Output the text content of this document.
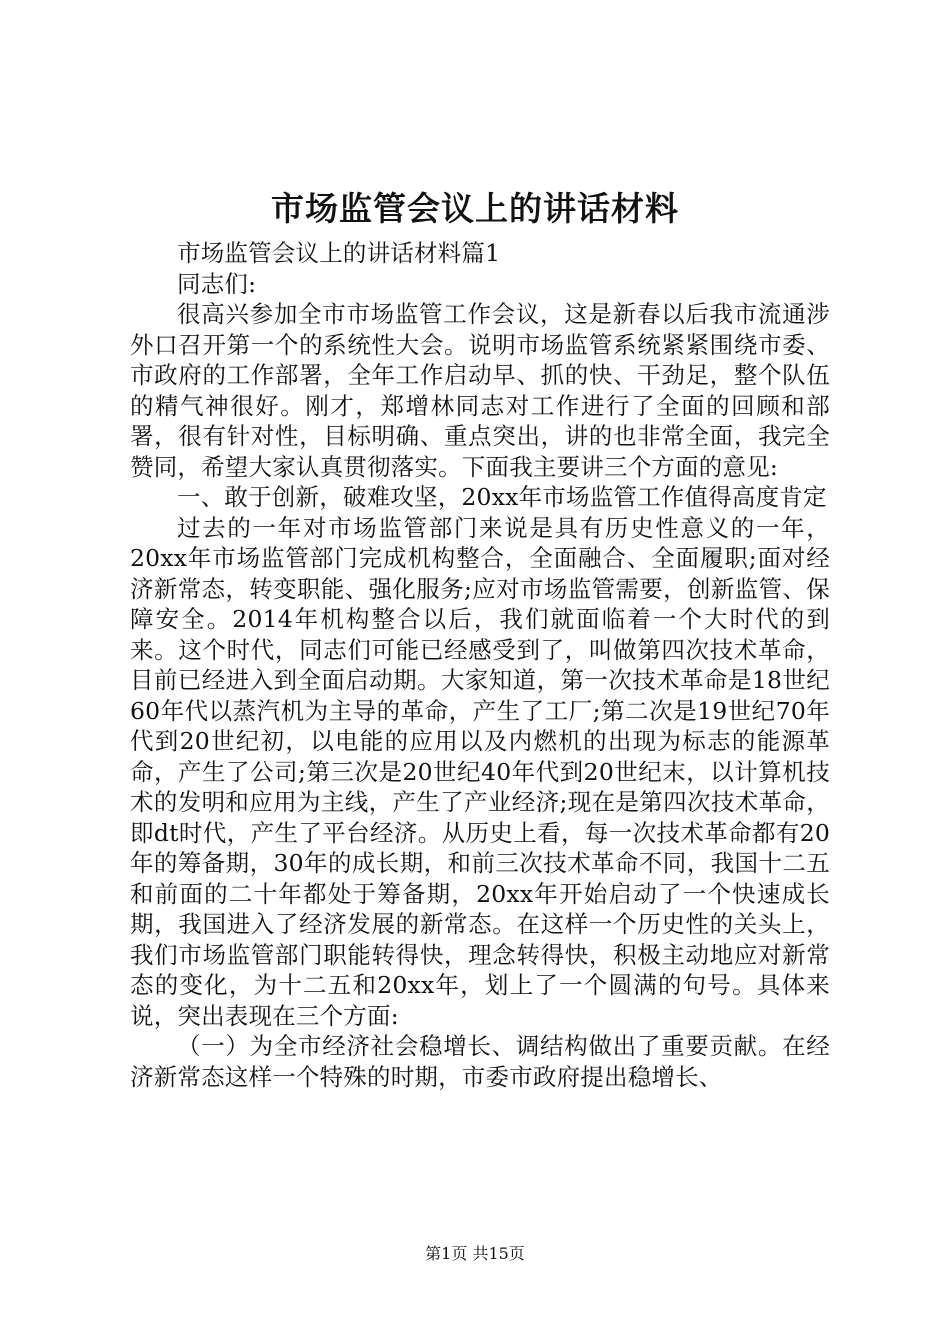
市场监管会议上的讲话材料

市场监管会议上的讲话材料篇1

同志们:

很高兴参加全市市场监管工作会议，这是新春以后我市流通涉外口召开第一个的系统性大会。说明市场监管系统紧紧围绕市委、市政府的工作部署，全年工作启动早、抓的快、干劲足，整个队伍的精气神很好。刚才，郑增林同志对工作进行了全面的回顾和部署，很有针对性，目标明确、重点突出，讲的也非常全面，我完全赞同，希望大家认真贯彻落实。下面我主要讲三个方面的意见:

一、敢于创新，破难攻坚，20xx年市场监管工作值得高度肯定

过去的一年对市场监管部门来说是具有历史性意义的一年，20xx年市场监管部门完成机构整合，全面融合、全面履职;面对经济新常态，转变职能、强化服务;应对市场监管需要，创新监管、保障安全。2014年机构整合以后，我们就面临着一个大时代的到来。这个时代，同志们可能已经感受到了，叫做第四次技术革命，目前已经进入到全面启动期。大家知道，第一次技术革命是18世纪60年代以蒸汽机为主导的革命，产生了工厂;第二次是19世纪70年代到20世纪初，以电能的应用以及内燃机的出现为标志的能源革命，产生了公司;第三次是20世纪40年代到20世纪末，以计算机技术的发明和应用为主线，产生了产业经济;现在是第四次技术革命，即dt时代，产生了平台经济。从历史上看，每一次技术革命都有20年的筹备期，30年的成长期，和前三次技术革命不同，我国十二五和前面的二十年都处于筹备期，20xx年开始启动了一个快速成长期，我国进入了经济发展的新常态。在这样一个历史性的关头上，我们市场监管部门职能转得快，理念转得快，积极主动地应对新常态的变化，为十二五和20xx年，划上了一个圆满的句号。具体来说，突出表现在三个方面:

（一）为全市经济社会稳增长、调结构做出了重要贡献。在经济新常态这样一个特殊的时期，市委市政府提出稳增长、

第1页 共15页
